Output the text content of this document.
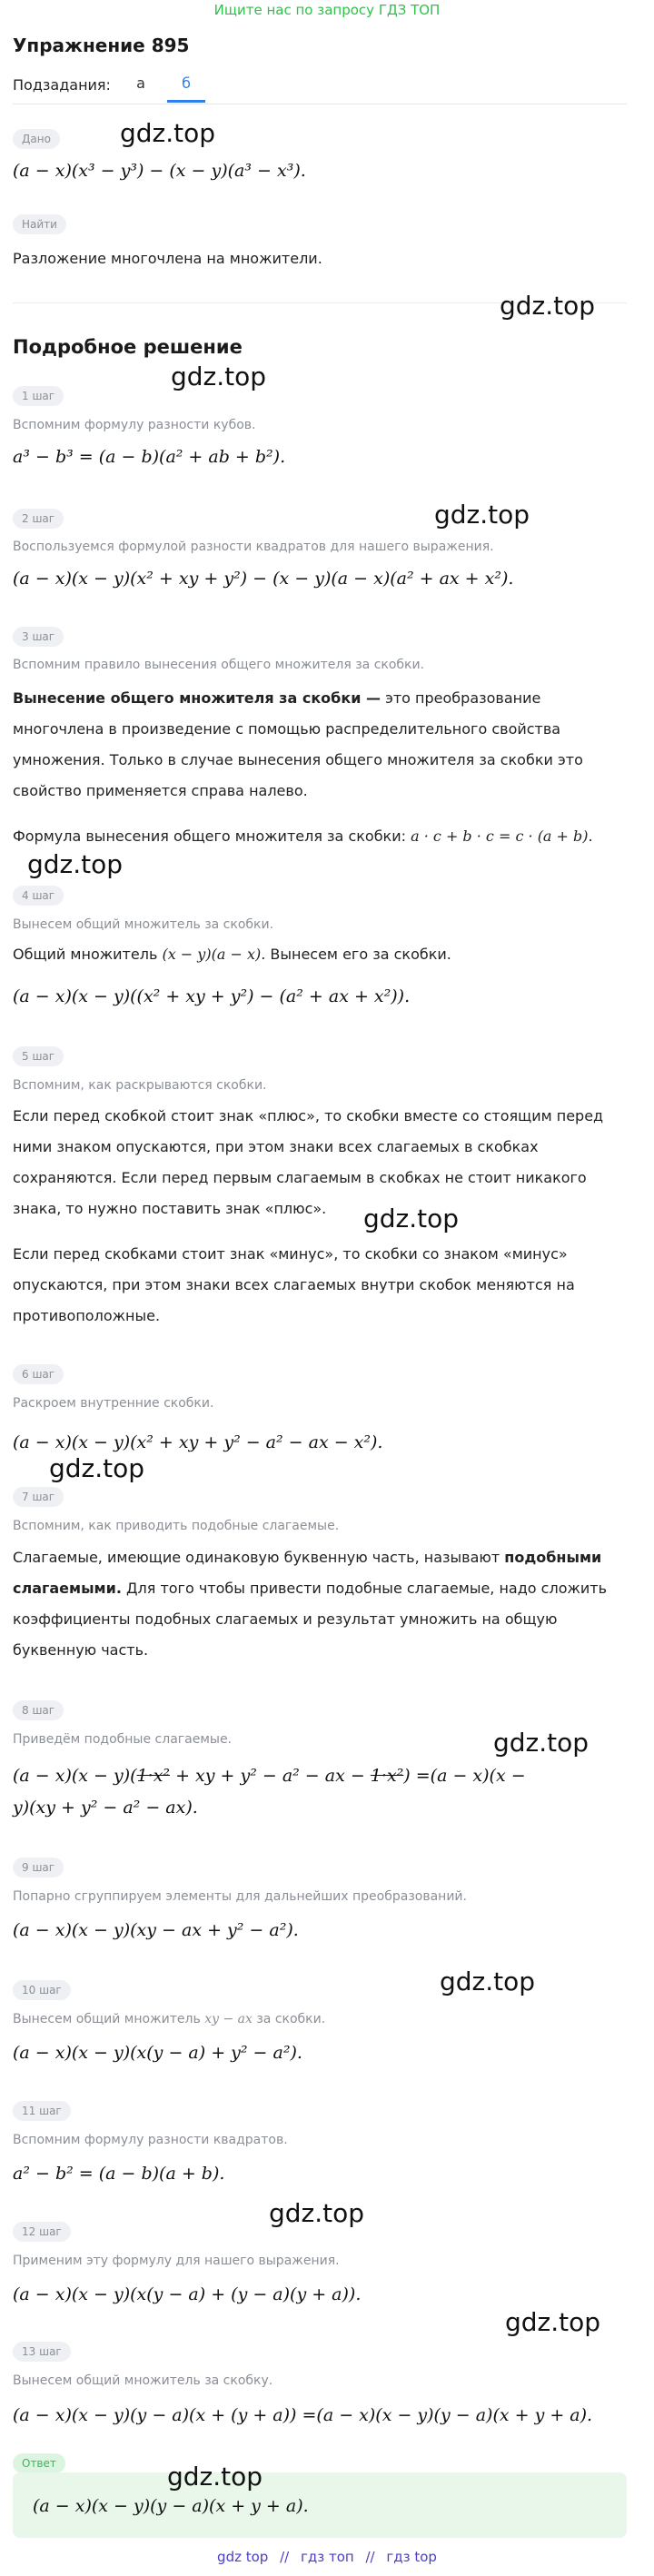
Ищите нас по запросу ГДЗ ТОП
Упражнение 895
Подзадания:	а	б
Дано
(a − x)(x³ − y³) − (x − y)(a³ − x³).
Найти
Разложение многочлена на множители.
Подробное решение
1 шаг
Вспомним формулу разности кубов.
a³ − b³ = (a − b)(a² + ab + b²).
2 шаг
Воспользуемся формулой разности квадратов для нашего выражения.
(a − x)(x − y)(x² + xy + y²) − (x − y)(a − x)(a² + ax + x²).
3 шаг
Вспомним правило вынесения общего множителя за скобки.
Вынесение общего множителя за скобки — это преобразование многочлена в произведение с помощью распределительного свойства умножения. Только в случае вынесения общего множителя за скобки это свойство применяется справа налево.
Формула вынесения общего множителя за скобки: a · c + b · c = c · (a + b).
4 шаг
Вынесем общий множитель за скобки.
Общий множитель (x − y)(a − x). Вынесем его за скобки.
(a − x)(x − y)((x² + xy + y²) − (a² + ax + x²)).
5 шаг
Вспомним, как раскрываются скобки.
Если перед скобкой стоит знак «плюс», то скобки вместе со стоящим перед ними знаком опускаются, при этом знаки всех слагаемых в скобках сохраняются. Если перед первым слагаемым в скобках не стоит никакого знака, то нужно поставить знак «плюс».
Если перед скобками стоит знак «минус», то скобки со знаком «минус» опускаются, при этом знаки всех слагаемых внутри скобок меняются на противоположные.
6 шаг
Раскроем внутренние скобки.
(a − x)(x − y)(x² + xy + y² − a² − ax − x²).
7 шаг
Вспомним, как приводить подобные слагаемые.
Слагаемые, имеющие одинаковую буквенную часть, называют подобными слагаемыми. Для того чтобы привести подобные слагаемые, надо сложить коэффициенты подобных слагаемых и результат умножить на общую буквенную часть.
8 шаг
Приведём подобные слагаемые.
(a − x)(x − y)(1·x² + xy + y² − a² − ax − 1·x²) =(a − x)(x −
y)(xy + y² − a² − ax).
9 шаг
Попарно сгруппируем элементы для дальнейших преобразований.
(a − x)(x − y)(xy − ax + y² − a²).
10 шаг
Вынесем общий множитель xy − ax за скобки.
(a − x)(x − y)(x(y − a) + y² − a²).
11 шаг
Вспомним формулу разности квадратов.
a² − b² = (a − b)(a + b).
12 шаг
Применим эту формулу для нашего выражения.
(a − x)(x − y)(x(y − a) + (y − a)(y + a)).
13 шаг
Вынесем общий множитель за скобку.
(a − x)(x − y)(y − a)(x + (y + a)) =(a − x)(x − y)(y − a)(x + y + a).
Ответ
(a − x)(x − y)(y − a)(x + y + a).
gdz.top
gdz.top
gdz.top
gdz.top
gdz.top
gdz.top
gdz.top
gdz.top
gdz.top
gdz.top
gdz.top
gdz.top
gdz top // гдз топ // гдз top
